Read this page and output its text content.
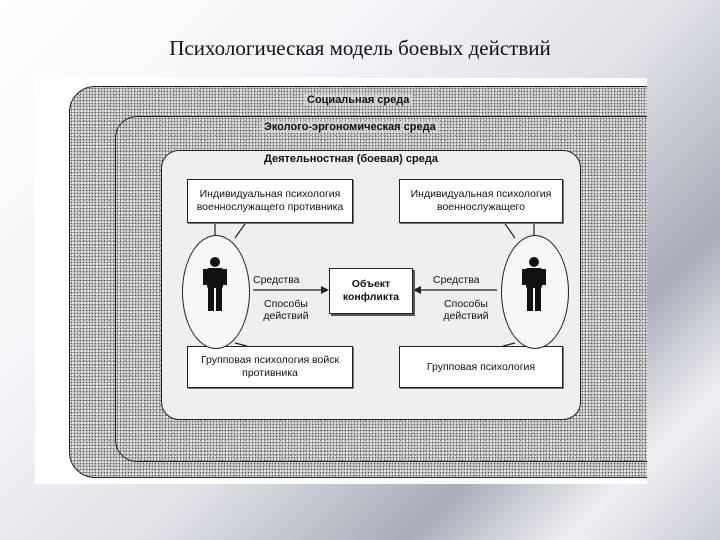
Психологическая модель боевых действий
Социальная среда
Эколого-эргономическая среда
Деятельностная (боевая) среда
Индивидуальная психология военнослужащего противника
Индивидуальная психология военнослужащего
Групповая психология войск противника
Групповая психология
Объект конфликта
Средства
Способы действий
Средства
Способы действий
